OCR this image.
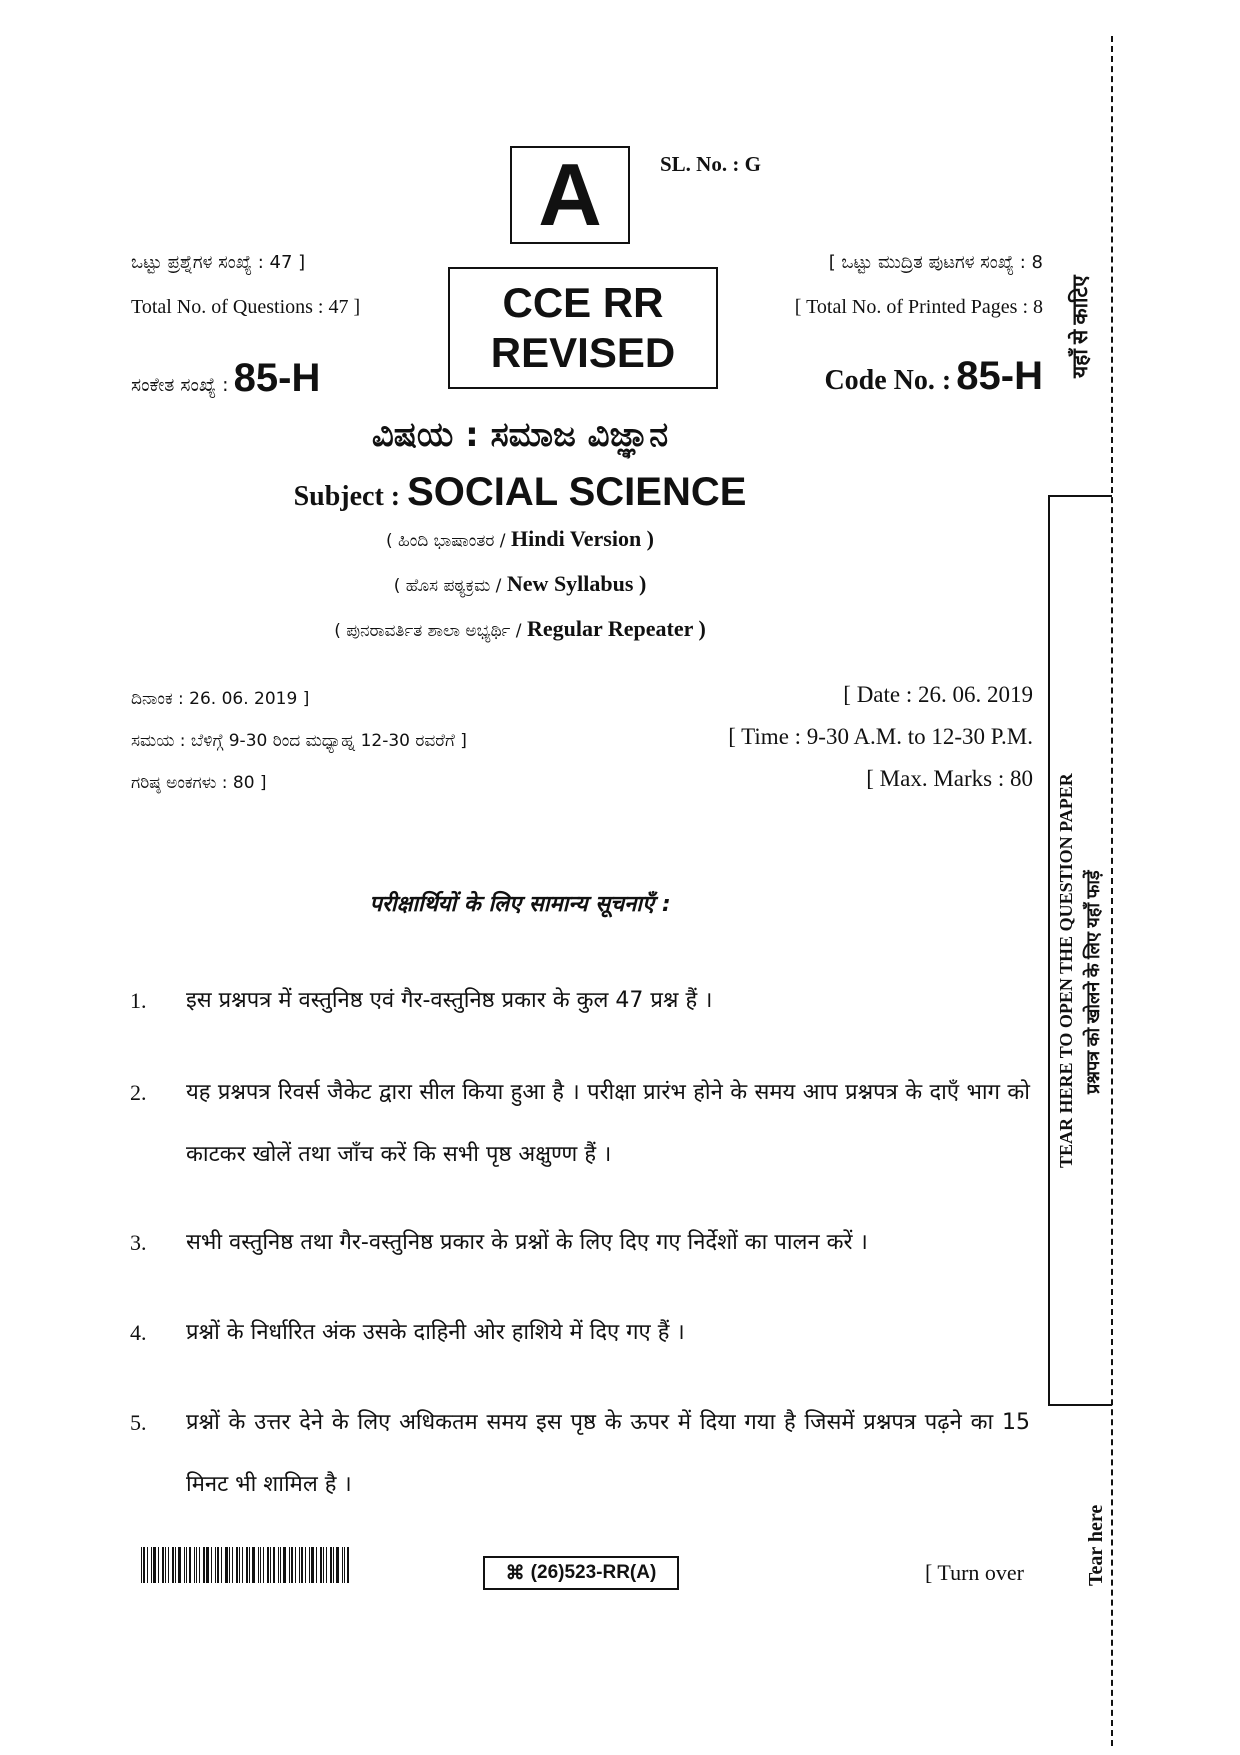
A	SL. No. : G
CCE RR
REVISED
ಒಟ್ಟು ಪ್ರಶ್ನೆಗಳ ಸಂಖ್ಯೆ : 47 ]
Total No. of Questions : 47 ]
ಸಂಕೇತ ಸಂಖ್ಯೆ : 85-H
[ ಒಟ್ಟು ಮುದ್ರಿತ ಪುಟಗಳ ಸಂಖ್ಯೆ : 8
[ Total No. of Printed Pages : 8
Code No. : 85-H
ವಿಷಯ : ಸಮಾಜ ವಿಜ್ಞಾನ
Subject : SOCIAL SCIENCE
( ಹಿಂದಿ ಭಾಷಾಂತರ / Hindi Version )
( ಹೊಸ ಪಠ್ಯಕ್ರಮ / New Syllabus )
( ಪುನರಾವರ್ತಿತ ಶಾಲಾ ಅಭ್ಯರ್ಥಿ / Regular Repeater )
ದಿನಾಂಕ : 26. 06. 2019 ]	[ Date : 26. 06. 2019
ಸಮಯ : ಬೆಳಿಗ್ಗೆ 9-30 ರಿಂದ ಮಧ್ಯಾಹ್ನ 12-30 ರವರೆಗೆ ]	[ Time : 9-30 A.M. to 12-30 P.M.
ಗರಿಷ್ಠ ಅಂಕಗಳು : 80 ]	[ Max. Marks : 80
परीक्षार्थियों के लिए सामान्य सूचनाएँ :
1.	इस प्रश्नपत्र में वस्तुनिष्ठ एवं गैर-वस्तुनिष्ठ प्रकार के कुल 47 प्रश्न हैं ।
2.	यह प्रश्नपत्र रिवर्स जैकेट द्वारा सील किया हुआ है । परीक्षा प्रारंभ होने के समय आप प्रश्नपत्र के दाएँ भाग को काटकर खोलें तथा जाँच करें कि सभी पृष्ठ अक्षुण्ण हैं ।
3.	सभी वस्तुनिष्ठ तथा गैर-वस्तुनिष्ठ प्रकार के प्रश्नों के लिए दिए गए निर्देशों का पालन करें ।
4.	प्रश्नों के निर्धारित अंक उसके दाहिनी ओर हाशिये में दिए गए हैं ।
5.	प्रश्नों के उत्तर देने के लिए अधिकतम समय इस पृष्ठ के ऊपर में दिया गया है जिसमें प्रश्नपत्र पढ़ने का 15 मिनट भी शामिल है ।
यहाँ से काटिए
TEAR HERE TO OPEN THE QUESTION PAPER प्रश्नपत्र को खोलने के लिए यहाँ फाड़ें
Tear here
⌘ (26)523-RR(A)	[ Turn over
